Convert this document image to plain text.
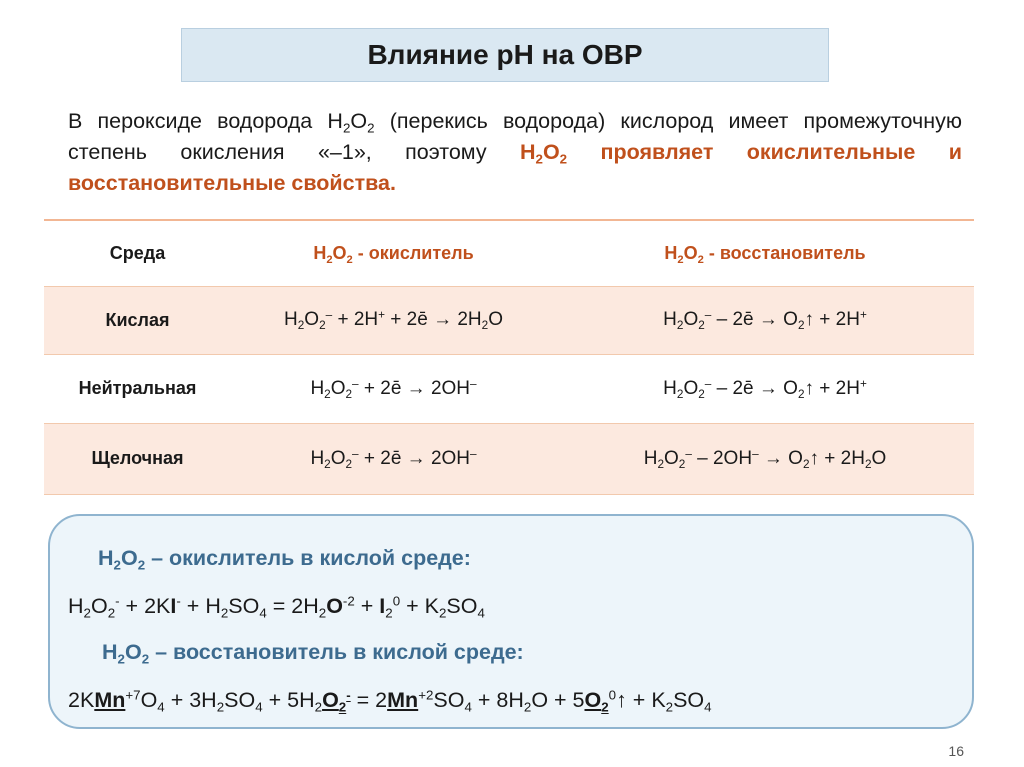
Влияние рН на ОВР
В пероксиде водорода $H_2O_2$ (перекись водорода) кислород имеет промежуточную степень окисления «–1», поэтому $H_2O_2$ проявляет окислительные и восстановительные свойства.
Среда	$H_2O_2$ - окислитель	$H_2O_2$ - восстановитель
Кислая	$H_2O_2^- + 2H^+$ + 2ē → $2H_2O$	$H_2O_2^-$ – 2ē → $O_2↑ + 2H^+$
Нейтральная	$H_2O_2^-$ + 2ē → 2OH–	$H_2O_2^-$ – 2ē → $O_2↑ + 2H^+$
Щелочная	$H_2O_2^-$ + 2ē → 2OH–	$H_2O_2^- - 2OH^-$ → $O_2↑ + 2H_2O$
$H_2O_2$ – окислитель в кислой среде:
$H_2O_2^- + 2KI^- + H_2SO_4 = 2H_2O^{-2} + I_2^0 + K_2SO_4$
$H_2O_2$ – восстановитель в кислой среде:
$2KMn^{+7}O_4 + 3H_2SO_4 + 5H_2O_2^- = 2Mn^{+2}SO_4 + 8H_2O$ + $5O_2^0↑ + K_2SO_4$
16
